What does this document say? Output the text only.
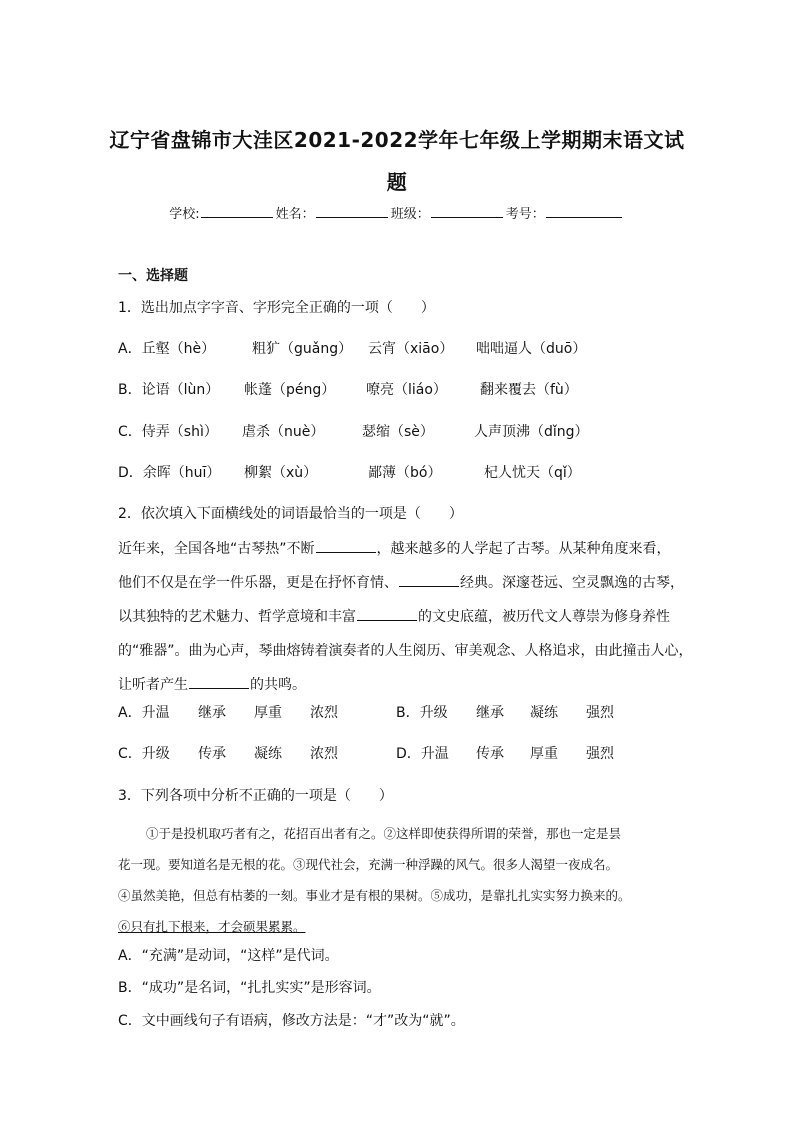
辽宁省盘锦市大洼区2021-2022学年七年级上学期期末语文试
题
学校:	姓名：	班级：	考号：
一、选择题
1．选出加点字字音、字形完全正确的一项（　　）
A．丘壑（hè）	粗犷（guǎng） 云宵（xiāo） 咄咄逼人（duō）
B．论语（lùn） 帐蓬（péng） 嘹亮（liáo） 翻来覆去（fù）
C．侍弄（shì） 虐杀（nuè）	瑟缩（sè）	人声顶沸（dǐng）
D．余晖（huī） 柳絮（xù）	鄙薄（bó）	杞人忧天（qǐ）
2．依次填入下面横线处的词语最恰当的一项是（　　）
近年来，全国各地“古琴热”不断	，越来越多的人学起了古琴。从某种角度来看，
他们不仅是在学一件乐器，更是在抒怀育情、	经典。深邃苍远、空灵飘逸的古琴，
以其独特的艺术魅力、哲学意境和丰富	的文史底蕴，被历代文人尊崇为修身养性
的“雅器”。曲为心声，琴曲熔铸着演奏者的人生阅历、审美观念、人格追求，由此撞击人心，
让听者产生	的共鸣。
A．升温 继承 厚重 浓烈	B．升级 继承 凝练 强烈
C．升级 传承 凝练 浓烈	D．升温 传承 厚重 强烈
3．下列各项中分析不正确的一项是（　　）
①于是投机取巧者有之，花招百出者有之。②这样即使获得所谓的荣誉，那也一定是昙
花一现。要知道名是无根的花。③现代社会，充满一种浮躁的风气。很多人渴望一夜成名。
④虽然美艳，但总有枯萎的一刻。事业才是有根的果树。⑤成功，是靠扎扎实实努力换来的。
⑥只有扎下根来，才会硕果累累。
A．“充满”是动词，“这样”是代词。
B．“成功”是名词，“扎扎实实”是形容词。
C．文中画线句子有语病，修改方法是：“才”改为“就”。
